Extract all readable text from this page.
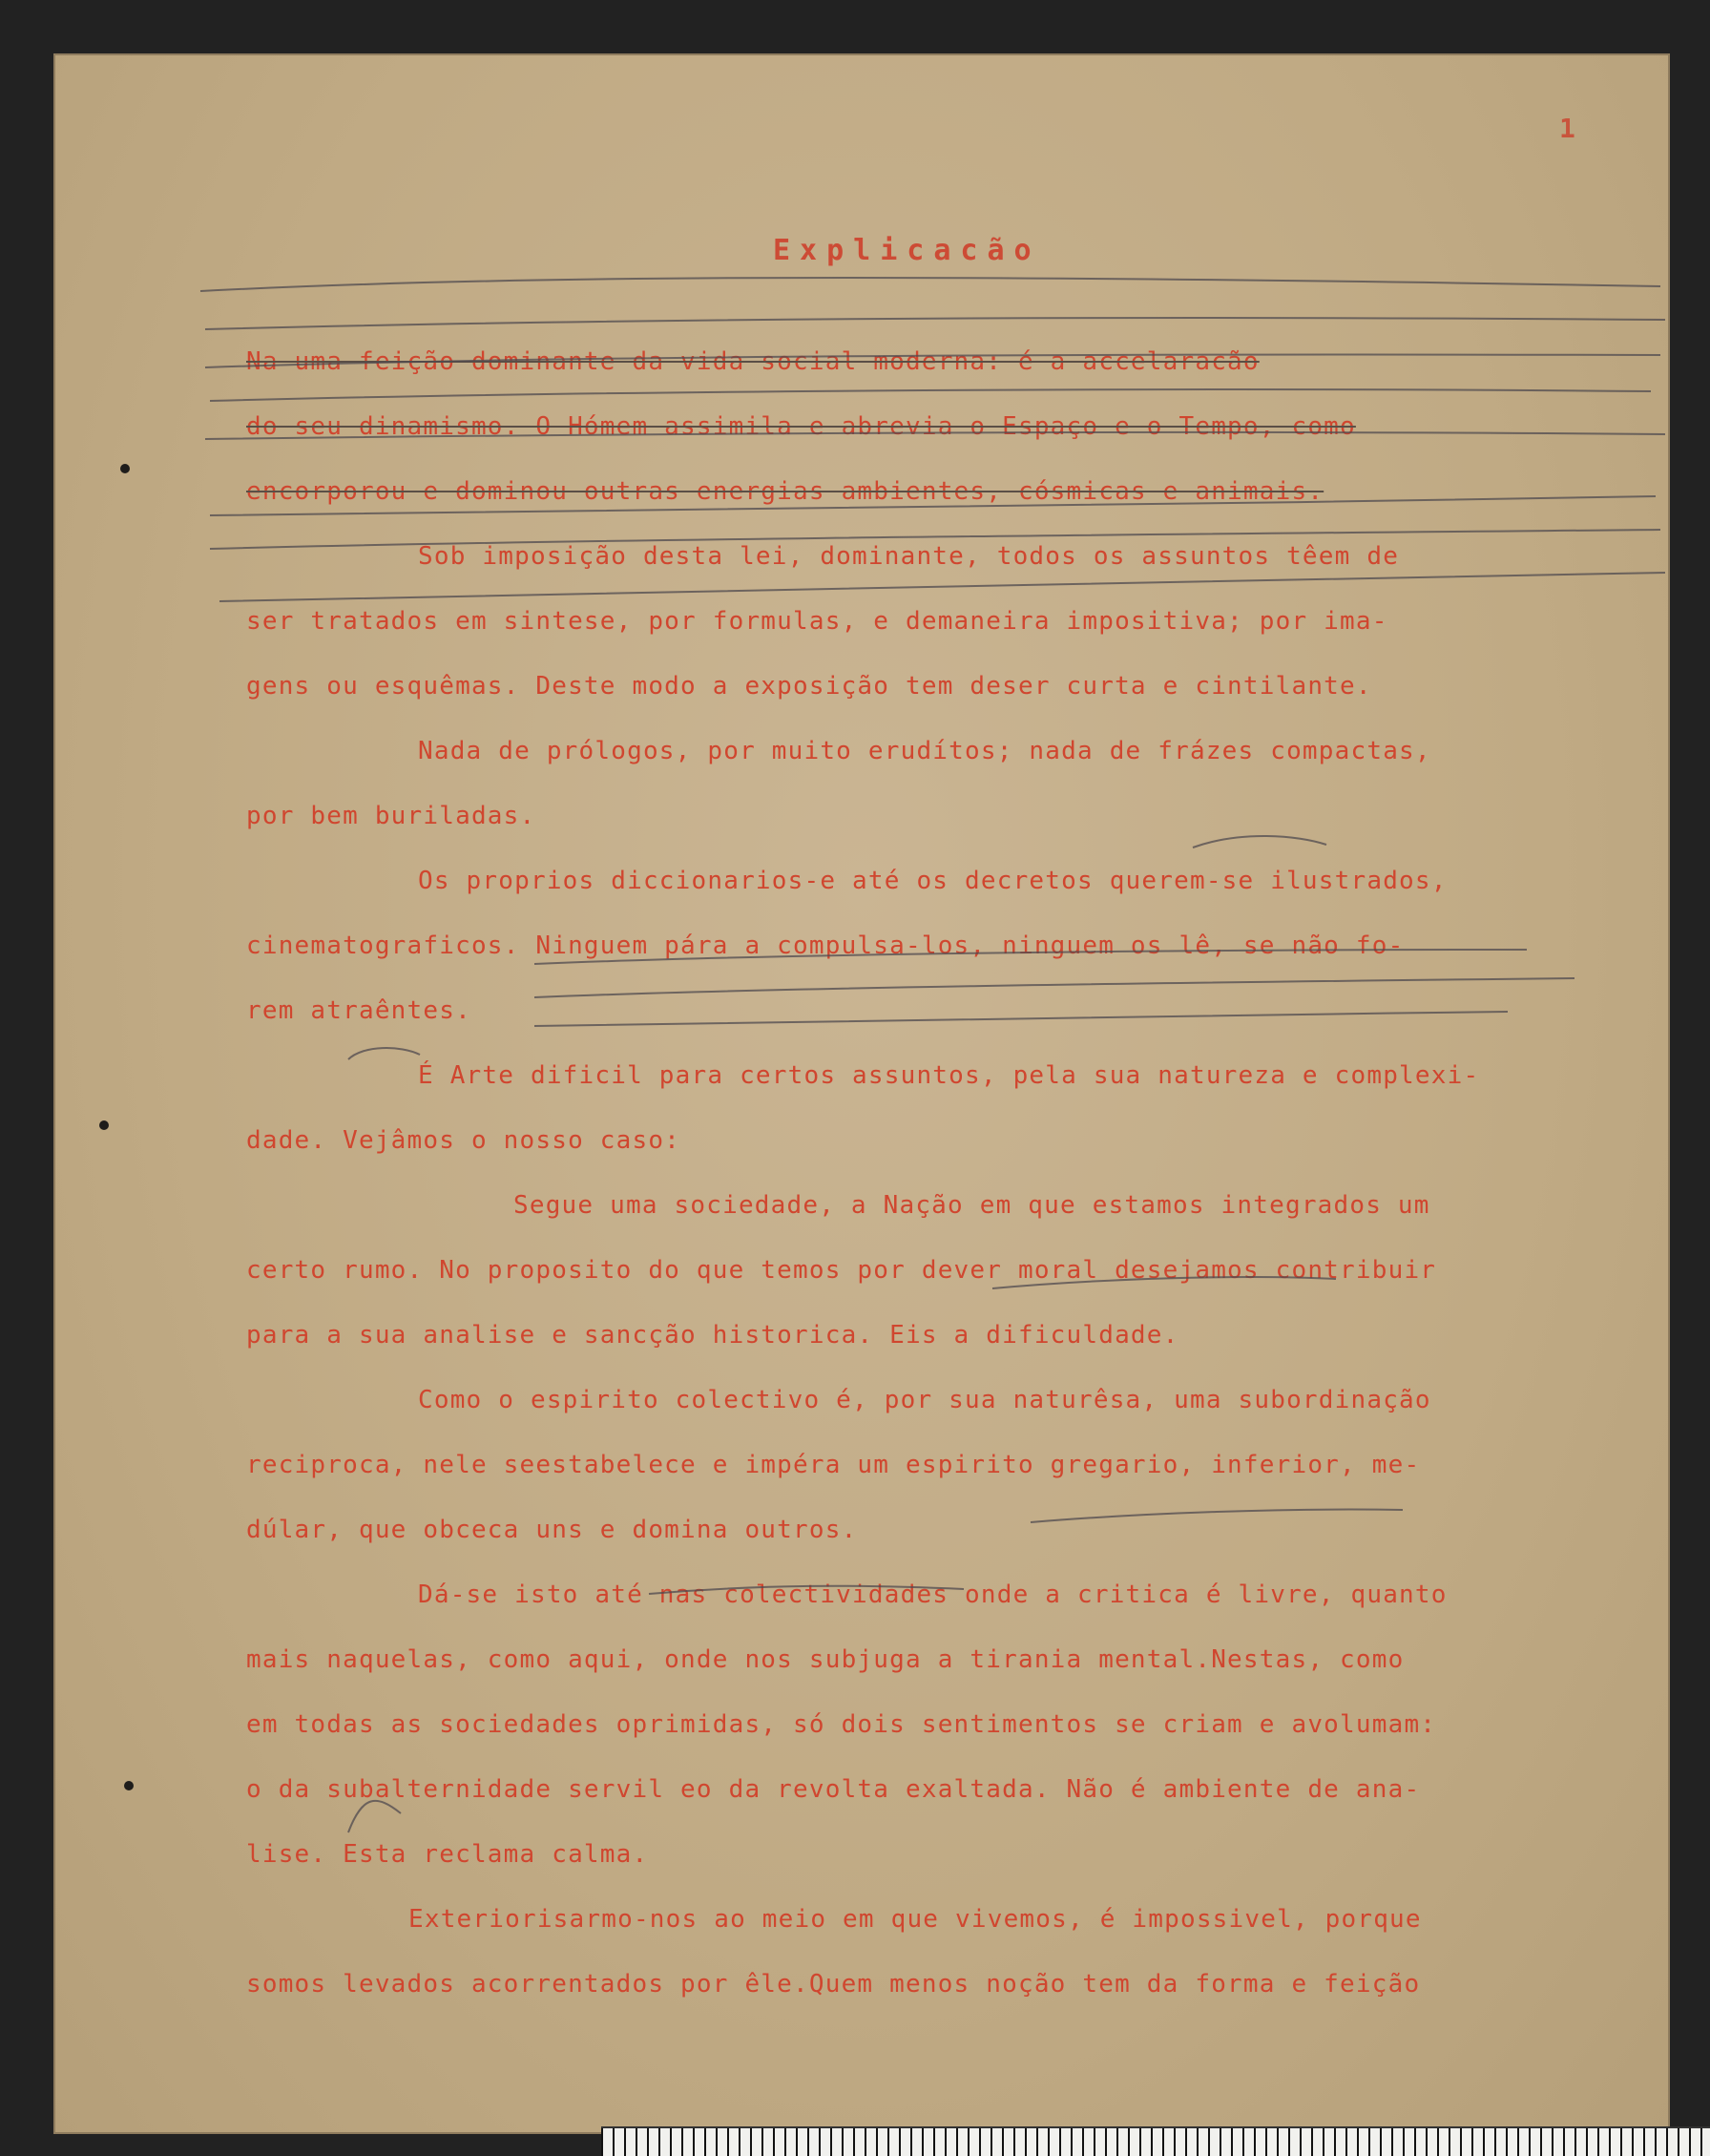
1

Explicacão
Na uma feição dominante da vida social moderna: é a accelaracão
do seu dinamismo. O Hómem assimila e abrevia o Espaço e o Tempo, como
encorporou e dominou outras energias ambientes, cósmicas e animais.
Sob imposição desta lei, dominante, todos os assuntos têem de
ser tratados em sintese, por formulas, e demaneira impositiva; por ima-
gens ou esquêmas. Deste modo a exposição tem deser curta e cintilante.
Nada de prólogos, por muito erudítos; nada de frázes compactas,
por bem buriladas.
Os proprios diccionarios-e até os decretos querem-se ilustrados,
cinematograficos. Ninguem pára a compulsa-los, ninguem os lê, se não fo-
rem atraêntes.
É Arte dificil para certos assuntos, pela sua natureza e complexi-
dade. Vejâmos o nosso caso:
Segue uma sociedade, a Nação em que estamos integrados um
certo rumo. No proposito do que temos por dever moral desejamos contribuir
para a sua analise e sancção historica. Eis a dificuldade.
Como o espirito colectivo é, por sua naturêsa, uma subordinação
reciproca, nele seestabelece e impéra um espirito gregario, inferior, me-
dúlar, que obceca uns e domina outros.
Dá-se isto até nas colectividades onde a critica é livre, quanto
mais naquelas, como aqui, onde nos subjuga a tirania mental.Nestas, como
em todas as sociedades oprimidas, só dois sentimentos se criam e avolumam:
o da subalternidade servil eo da revolta exaltada. Não é ambiente de ana-
lise. Esta reclama calma.
Exteriorisarmo-nos ao meio em que vivemos, é impossivel, porque
somos levados acorrentados por êle.Quem menos noção tem da forma e feição
